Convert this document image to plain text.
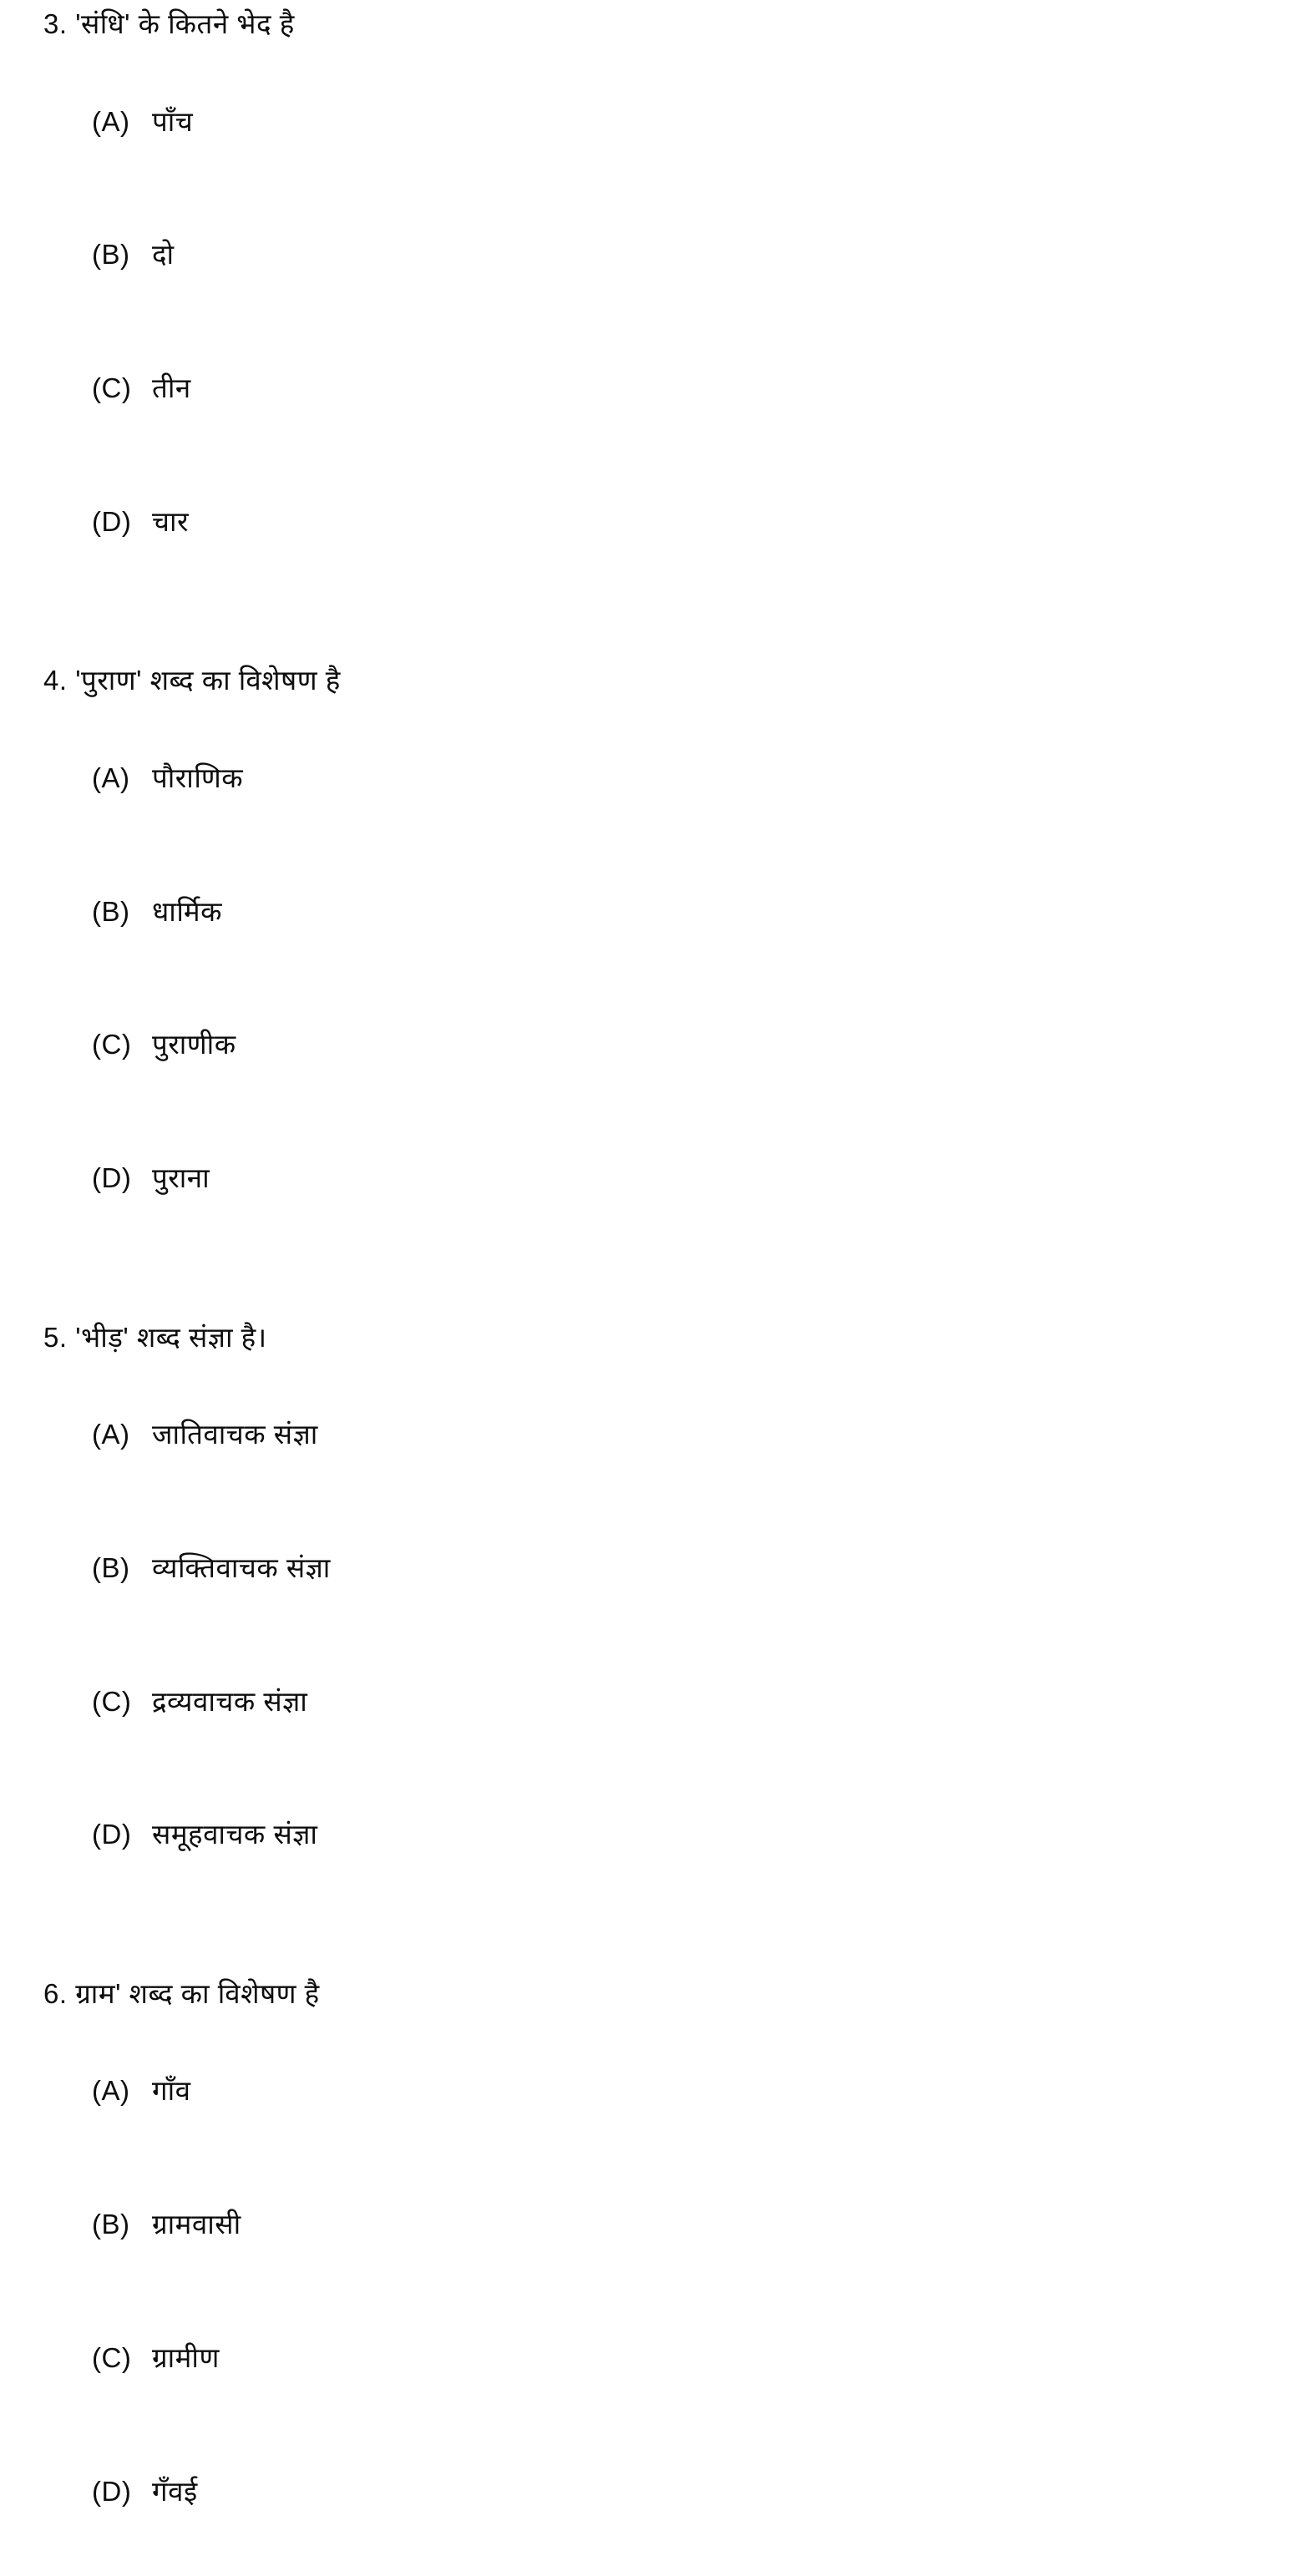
3. 'संधि' के कितने भेद है

(A) पाँच

(B) दो

(C) तीन

(D) चार

4. 'पुराण' शब्द का विशेषण है

(A) पौराणिक

(B) धार्मिक

(C) पुराणीक

(D) पुराना

5. 'भीड़' शब्द संज्ञा है।

(A) जातिवाचक संज्ञा

(B) व्यक्तिवाचक संज्ञा

(C) द्रव्यवाचक संज्ञा

(D) समूहवाचक संज्ञा

6. ग्राम' शब्द का विशेषण है

(A) गाँव

(B) ग्रामवासी

(C) ग्रामीण

(D) गँवई
